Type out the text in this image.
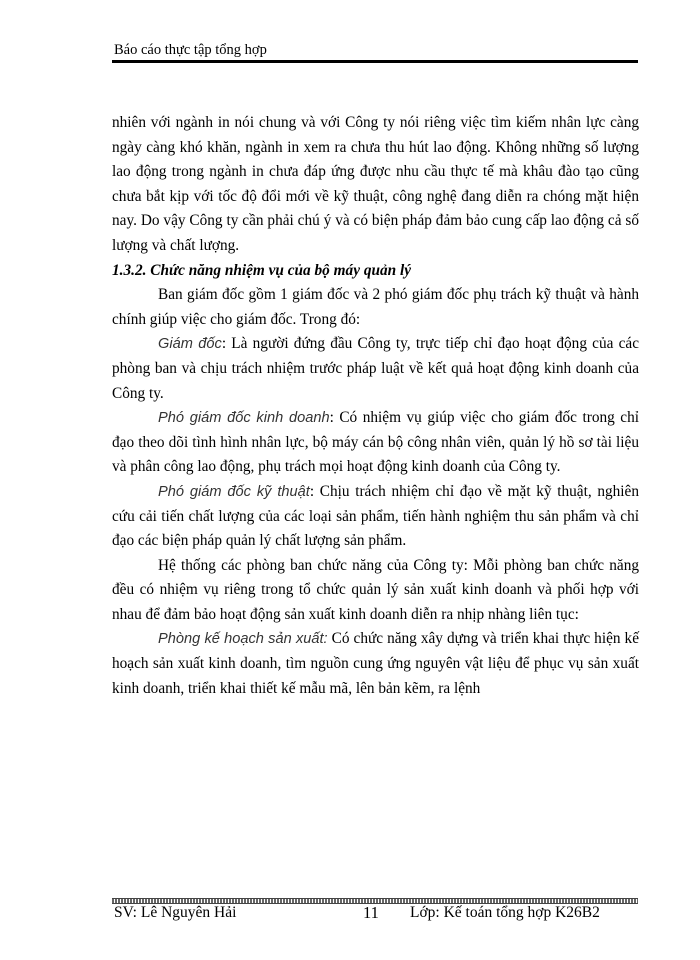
Báo cáo thực tập tổng hợp

nhiên với ngành in nói chung và với Công ty nói riêng việc tìm kiếm nhân lực càng ngày càng khó khăn, ngành in xem ra chưa thu hút lao động. Không những số lượng lao động trong ngành in chưa đáp ứng được nhu cầu thực tế mà khâu đào tạo cũng chưa bắt kịp với tốc độ đổi mới về kỹ thuật, công nghệ đang diễn ra chóng mặt hiện nay. Do vậy Công ty cần phải chú ý và có biện pháp đảm bảo cung cấp lao động cả số lượng và chất lượng.

1.3.2. Chức năng nhiệm vụ của bộ máy quản lý

Ban giám đốc gồm 1 giám đốc và 2 phó giám đốc phụ trách kỹ thuật và hành chính giúp việc cho giám đốc. Trong đó:

Giám đốc: Là người đứng đầu Công ty, trực tiếp chỉ đạo hoạt động của các phòng ban và chịu trách nhiệm trước pháp luật về kết quả hoạt động kinh doanh của Công ty.

Phó giám đốc kinh doanh: Có nhiệm vụ giúp việc cho giám đốc trong chỉ đạo theo dõi tình hình nhân lực, bộ máy cán bộ công nhân viên, quản lý hồ sơ tài liệu và phân công lao động, phụ trách mọi hoạt động kinh doanh của Công ty.

Phó giám đốc kỹ thuật: Chịu trách nhiệm chỉ đạo về mặt kỹ thuật, nghiên cứu cải tiến chất lượng của các loại sản phẩm, tiến hành nghiệm thu sản phẩm và chỉ đạo các biện pháp quản lý chất lượng sản phẩm.

Hệ thống các phòng ban chức năng của Công ty: Mỗi phòng ban chức năng đều có nhiệm vụ riêng trong tổ chức quản lý sản xuất kinh doanh và phối hợp với nhau để đảm bảo hoạt động sản xuất kinh doanh diễn ra nhịp nhàng liên tục:

Phòng kế hoạch sản xuất: Có chức năng xây dựng và triển khai thực hiện kế hoạch sản xuất kinh doanh, tìm nguồn cung ứng nguyên vật liệu để phục vụ sản xuất kinh doanh, triển khai thiết kế mẫu mã, lên bản kẽm, ra lệnh

SV: Lê Nguyên Hải	11 Lớp: Kế toán tổng hợp K26B2
